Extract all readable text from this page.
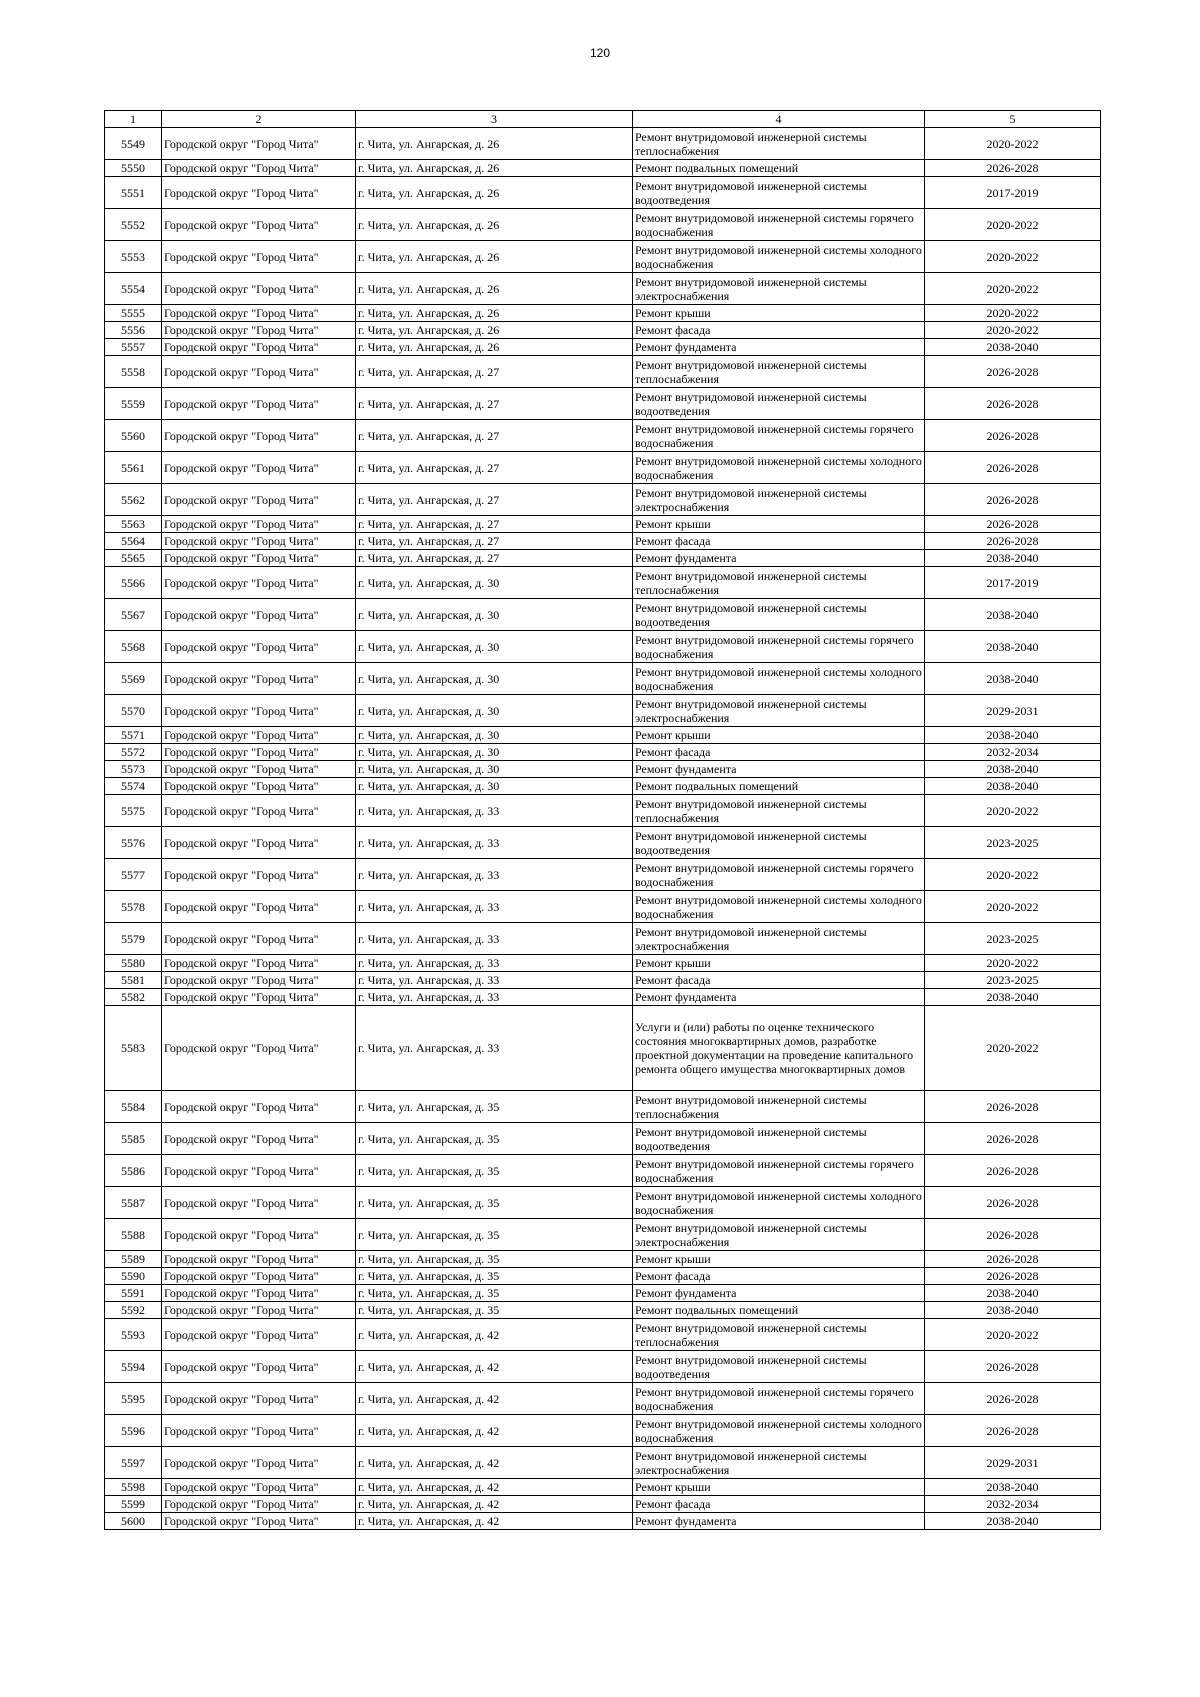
120
1	2	3	4	5
5549	Городской округ "Город Чита"	г. Чита, ул. Ангарская, д. 26	Ремонт внутридомовой инженерной системы теплоснабжения	2020-2022
5550	Городской округ "Город Чита"	г. Чита, ул. Ангарская, д. 26	Ремонт подвальных помещений	2026-2028
5551	Городской округ "Город Чита"	г. Чита, ул. Ангарская, д. 26	Ремонт внутридомовой инженерной системы водоотведения	2017-2019
5552	Городской округ "Город Чита"	г. Чита, ул. Ангарская, д. 26	Ремонт внутридомовой инженерной системы горячего водоснабжения	2020-2022
5553	Городской округ "Город Чита"	г. Чита, ул. Ангарская, д. 26	Ремонт внутридомовой инженерной системы холодного водоснабжения	2020-2022
5554	Городской округ "Город Чита"	г. Чита, ул. Ангарская, д. 26	Ремонт внутридомовой инженерной системы электроснабжения	2020-2022
5555	Городской округ "Город Чита"	г. Чита, ул. Ангарская, д. 26	Ремонт крыши	2020-2022
5556	Городской округ "Город Чита"	г. Чита, ул. Ангарская, д. 26	Ремонт фасада	2020-2022
5557	Городской округ "Город Чита"	г. Чита, ул. Ангарская, д. 26	Ремонт фундамента	2038-2040
5558	Городской округ "Город Чита"	г. Чита, ул. Ангарская, д. 27	Ремонт внутридомовой инженерной системы теплоснабжения	2026-2028
5559	Городской округ "Город Чита"	г. Чита, ул. Ангарская, д. 27	Ремонт внутридомовой инженерной системы водоотведения	2026-2028
5560	Городской округ "Город Чита"	г. Чита, ул. Ангарская, д. 27	Ремонт внутридомовой инженерной системы горячего водоснабжения	2026-2028
5561	Городской округ "Город Чита"	г. Чита, ул. Ангарская, д. 27	Ремонт внутридомовой инженерной системы холодного водоснабжения	2026-2028
5562	Городской округ "Город Чита"	г. Чита, ул. Ангарская, д. 27	Ремонт внутридомовой инженерной системы электроснабжения	2026-2028
5563	Городской округ "Город Чита"	г. Чита, ул. Ангарская, д. 27	Ремонт крыши	2026-2028
5564	Городской округ "Город Чита"	г. Чита, ул. Ангарская, д. 27	Ремонт фасада	2026-2028
5565	Городской округ "Город Чита"	г. Чита, ул. Ангарская, д. 27	Ремонт фундамента	2038-2040
5566	Городской округ "Город Чита"	г. Чита, ул. Ангарская, д. 30	Ремонт внутридомовой инженерной системы теплоснабжения	2017-2019
5567	Городской округ "Город Чита"	г. Чита, ул. Ангарская, д. 30	Ремонт внутридомовой инженерной системы водоотведения	2038-2040
5568	Городской округ "Город Чита"	г. Чита, ул. Ангарская, д. 30	Ремонт внутридомовой инженерной системы горячего водоснабжения	2038-2040
5569	Городской округ "Город Чита"	г. Чита, ул. Ангарская, д. 30	Ремонт внутридомовой инженерной системы холодного водоснабжения	2038-2040
5570	Городской округ "Город Чита"	г. Чита, ул. Ангарская, д. 30	Ремонт внутридомовой инженерной системы электроснабжения	2029-2031
5571	Городской округ "Город Чита"	г. Чита, ул. Ангарская, д. 30	Ремонт крыши	2038-2040
5572	Городской округ "Город Чита"	г. Чита, ул. Ангарская, д. 30	Ремонт фасада	2032-2034
5573	Городской округ "Город Чита"	г. Чита, ул. Ангарская, д. 30	Ремонт фундамента	2038-2040
5574	Городской округ "Город Чита"	г. Чита, ул. Ангарская, д. 30	Ремонт подвальных помещений	2038-2040
5575	Городской округ "Город Чита"	г. Чита, ул. Ангарская, д. 33	Ремонт внутридомовой инженерной системы теплоснабжения	2020-2022
5576	Городской округ "Город Чита"	г. Чита, ул. Ангарская, д. 33	Ремонт внутридомовой инженерной системы водоотведения	2023-2025
5577	Городской округ "Город Чита"	г. Чита, ул. Ангарская, д. 33	Ремонт внутридомовой инженерной системы горячего водоснабжения	2020-2022
5578	Городской округ "Город Чита"	г. Чита, ул. Ангарская, д. 33	Ремонт внутридомовой инженерной системы холодного водоснабжения	2020-2022
5579	Городской округ "Город Чита"	г. Чита, ул. Ангарская, д. 33	Ремонт внутридомовой инженерной системы электроснабжения	2023-2025
5580	Городской округ "Город Чита"	г. Чита, ул. Ангарская, д. 33	Ремонт крыши	2020-2022
5581	Городской округ "Город Чита"	г. Чита, ул. Ангарская, д. 33	Ремонт фасада	2023-2025
5582	Городской округ "Город Чита"	г. Чита, ул. Ангарская, д. 33	Ремонт фундамента	2038-2040
5583	Городской округ "Город Чита"	г. Чита, ул. Ангарская, д. 33	Услуги и (или) работы по оценке технического состояния многоквартирных домов, разработке проектной документации на проведение капитального ремонта общего имущества многоквартирных домов	2020-2022
5584	Городской округ "Город Чита"	г. Чита, ул. Ангарская, д. 35	Ремонт внутридомовой инженерной системы теплоснабжения	2026-2028
5585	Городской округ "Город Чита"	г. Чита, ул. Ангарская, д. 35	Ремонт внутридомовой инженерной системы водоотведения	2026-2028
5586	Городской округ "Город Чита"	г. Чита, ул. Ангарская, д. 35	Ремонт внутридомовой инженерной системы горячего водоснабжения	2026-2028
5587	Городской округ "Город Чита"	г. Чита, ул. Ангарская, д. 35	Ремонт внутридомовой инженерной системы холодного водоснабжения	2026-2028
5588	Городской округ "Город Чита"	г. Чита, ул. Ангарская, д. 35	Ремонт внутридомовой инженерной системы электроснабжения	2026-2028
5589	Городской округ "Город Чита"	г. Чита, ул. Ангарская, д. 35	Ремонт крыши	2026-2028
5590	Городской округ "Город Чита"	г. Чита, ул. Ангарская, д. 35	Ремонт фасада	2026-2028
5591	Городской округ "Город Чита"	г. Чита, ул. Ангарская, д. 35	Ремонт фундамента	2038-2040
5592	Городской округ "Город Чита"	г. Чита, ул. Ангарская, д. 35	Ремонт подвальных помещений	2038-2040
5593	Городской округ "Город Чита"	г. Чита, ул. Ангарская, д. 42	Ремонт внутридомовой инженерной системы теплоснабжения	2020-2022
5594	Городской округ "Город Чита"	г. Чита, ул. Ангарская, д. 42	Ремонт внутридомовой инженерной системы водоотведения	2026-2028
5595	Городской округ "Город Чита"	г. Чита, ул. Ангарская, д. 42	Ремонт внутридомовой инженерной системы горячего водоснабжения	2026-2028
5596	Городской округ "Город Чита"	г. Чита, ул. Ангарская, д. 42	Ремонт внутридомовой инженерной системы холодного водоснабжения	2026-2028
5597	Городской округ "Город Чита"	г. Чита, ул. Ангарская, д. 42	Ремонт внутридомовой инженерной системы электроснабжения	2029-2031
5598	Городской округ "Город Чита"	г. Чита, ул. Ангарская, д. 42	Ремонт крыши	2038-2040
5599	Городской округ "Город Чита"	г. Чита, ул. Ангарская, д. 42	Ремонт фасада	2032-2034
5600	Городской округ "Город Чита"	г. Чита, ул. Ангарская, д. 42	Ремонт фундамента	2038-2040
